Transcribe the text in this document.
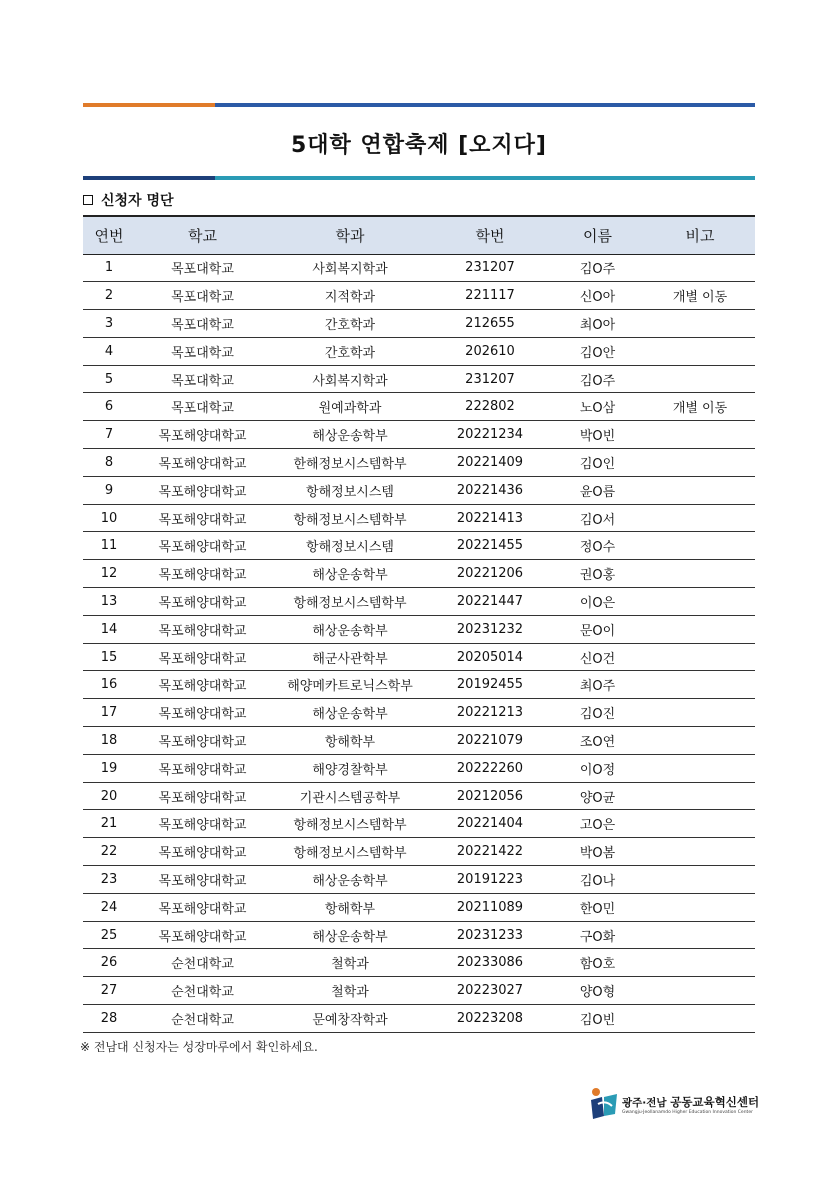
5대학 연합축제 [오지다]
신청자 명단
연번	학교	학과	학번	이름	비고
1	목포대학교	사회복지학과	231207	김O주	
2	목포대학교	지적학과	221117	신O아	개별 이동
3	목포대학교	간호학과	212655	최O아	
4	목포대학교	간호학과	202610	김O안	
5	목포대학교	사회복지학과	231207	김O주	
6	목포대학교	원예과학과	222802	노O삼	개별 이동
7	목포해양대학교	해상운송학부	20221234	박O빈	
8	목포해양대학교	한해정보시스템학부	20221409	김O인	
9	목포해양대학교	항해정보시스템	20221436	윤O름	
10	목포해양대학교	항해정보시스템학부	20221413	김O서	
11	목포해양대학교	항해정보시스템	20221455	정O수	
12	목포해양대학교	해상운송학부	20221206	권O홍	
13	목포해양대학교	항해정보시스템학부	20221447	이O은	
14	목포해양대학교	해상운송학부	20231232	문O이	
15	목포해양대학교	해군사관학부	20205014	신O건	
16	목포해양대학교	해양메카트로닉스학부	20192455	최O주	
17	목포해양대학교	해상운송학부	20221213	김O진	
18	목포해양대학교	항해학부	20221079	조O연	
19	목포해양대학교	해양경찰학부	20222260	이O정	
20	목포해양대학교	기관시스템공학부	20212056	양O균	
21	목포해양대학교	항해정보시스템학부	20221404	고O은	
22	목포해양대학교	항해정보시스템학부	20221422	박O봄	
23	목포해양대학교	해상운송학부	20191223	김O나	
24	목포해양대학교	항해학부	20211089	한O민	
25	목포해양대학교	해상운송학부	20231233	구O화	
26	순천대학교	철학과	20233086	함O호	
27	순천대학교	철학과	20223027	양O형	
28	순천대학교	문예창작학과	20223208	김O빈	
※ 전남대 신청자는 성장마루에서 확인하세요.
광주·전남 공동교육혁신센터
Gwangju·Jeollanamdo Higher Education Innovation Center
